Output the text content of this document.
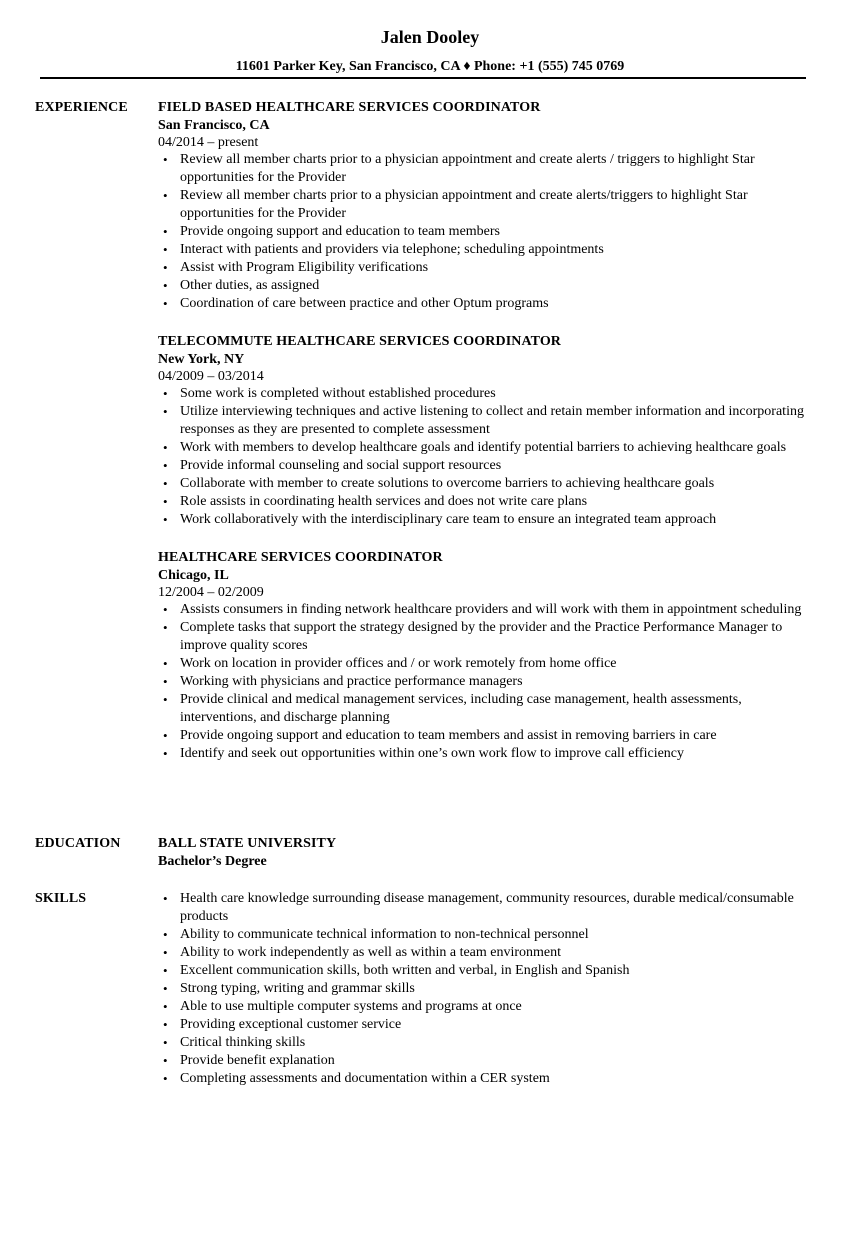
Jalen Dooley
11601 Parker Key, San Francisco, CA ♦ Phone: +1 (555) 745 0769
EXPERIENCE FIELD BASED HEALTHCARE SERVICES COORDINATOR
San Francisco, CA
04/2014 – present
• Review all member charts prior to a physician appointment and create alerts / triggers to highlight Star opportunities for the Provider
• Review all member charts prior to a physician appointment and create alerts/triggers to highlight Star opportunities for the Provider
• Provide ongoing support and education to team members
• Interact with patients and providers via telephone; scheduling appointments
• Assist with Program Eligibility verifications
• Other duties, as assigned
• Coordination of care between practice and other Optum programs
TELECOMMUTE HEALTHCARE SERVICES COORDINATOR
New York, NY
04/2009 – 03/2014
• Some work is completed without established procedures
• Utilize interviewing techniques and active listening to collect and retain member information and incorporating responses as they are presented to complete assessment
• Work with members to develop healthcare goals and identify potential barriers to achieving healthcare goals
• Provide informal counseling and social support resources
• Collaborate with member to create solutions to overcome barriers to achieving healthcare goals
• Role assists in coordinating health services and does not write care plans
• Work collaboratively with the interdisciplinary care team to ensure an integrated team approach
HEALTHCARE SERVICES COORDINATOR
Chicago, IL
12/2004 – 02/2009
• Assists consumers in finding network healthcare providers and will work with them in appointment scheduling
• Complete tasks that support the strategy designed by the provider and the Practice Performance Manager to improve quality scores
• Work on location in provider offices and / or work remotely from home office
• Working with physicians and practice performance managers
• Provide clinical and medical management services, including case management, health assessments, interventions, and discharge planning
• Provide ongoing support and education to team members and assist in removing barriers in care
• Identify and seek out opportunities within one’s own work flow to improve call efficiency
EDUCATION	BALL STATE UNIVERSITY
Bachelor’s Degree
SKILLS	• Health care knowledge surrounding disease management, community resources, durable medical/consumable products
• Ability to communicate technical information to non-technical personnel
• Ability to work independently as well as within a team environment
• Excellent communication skills, both written and verbal, in English and Spanish
• Strong typing, writing and grammar skills
• Able to use multiple computer systems and programs at once
• Providing exceptional customer service
• Critical thinking skills
• Provide benefit explanation
• Completing assessments and documentation within a CER system
